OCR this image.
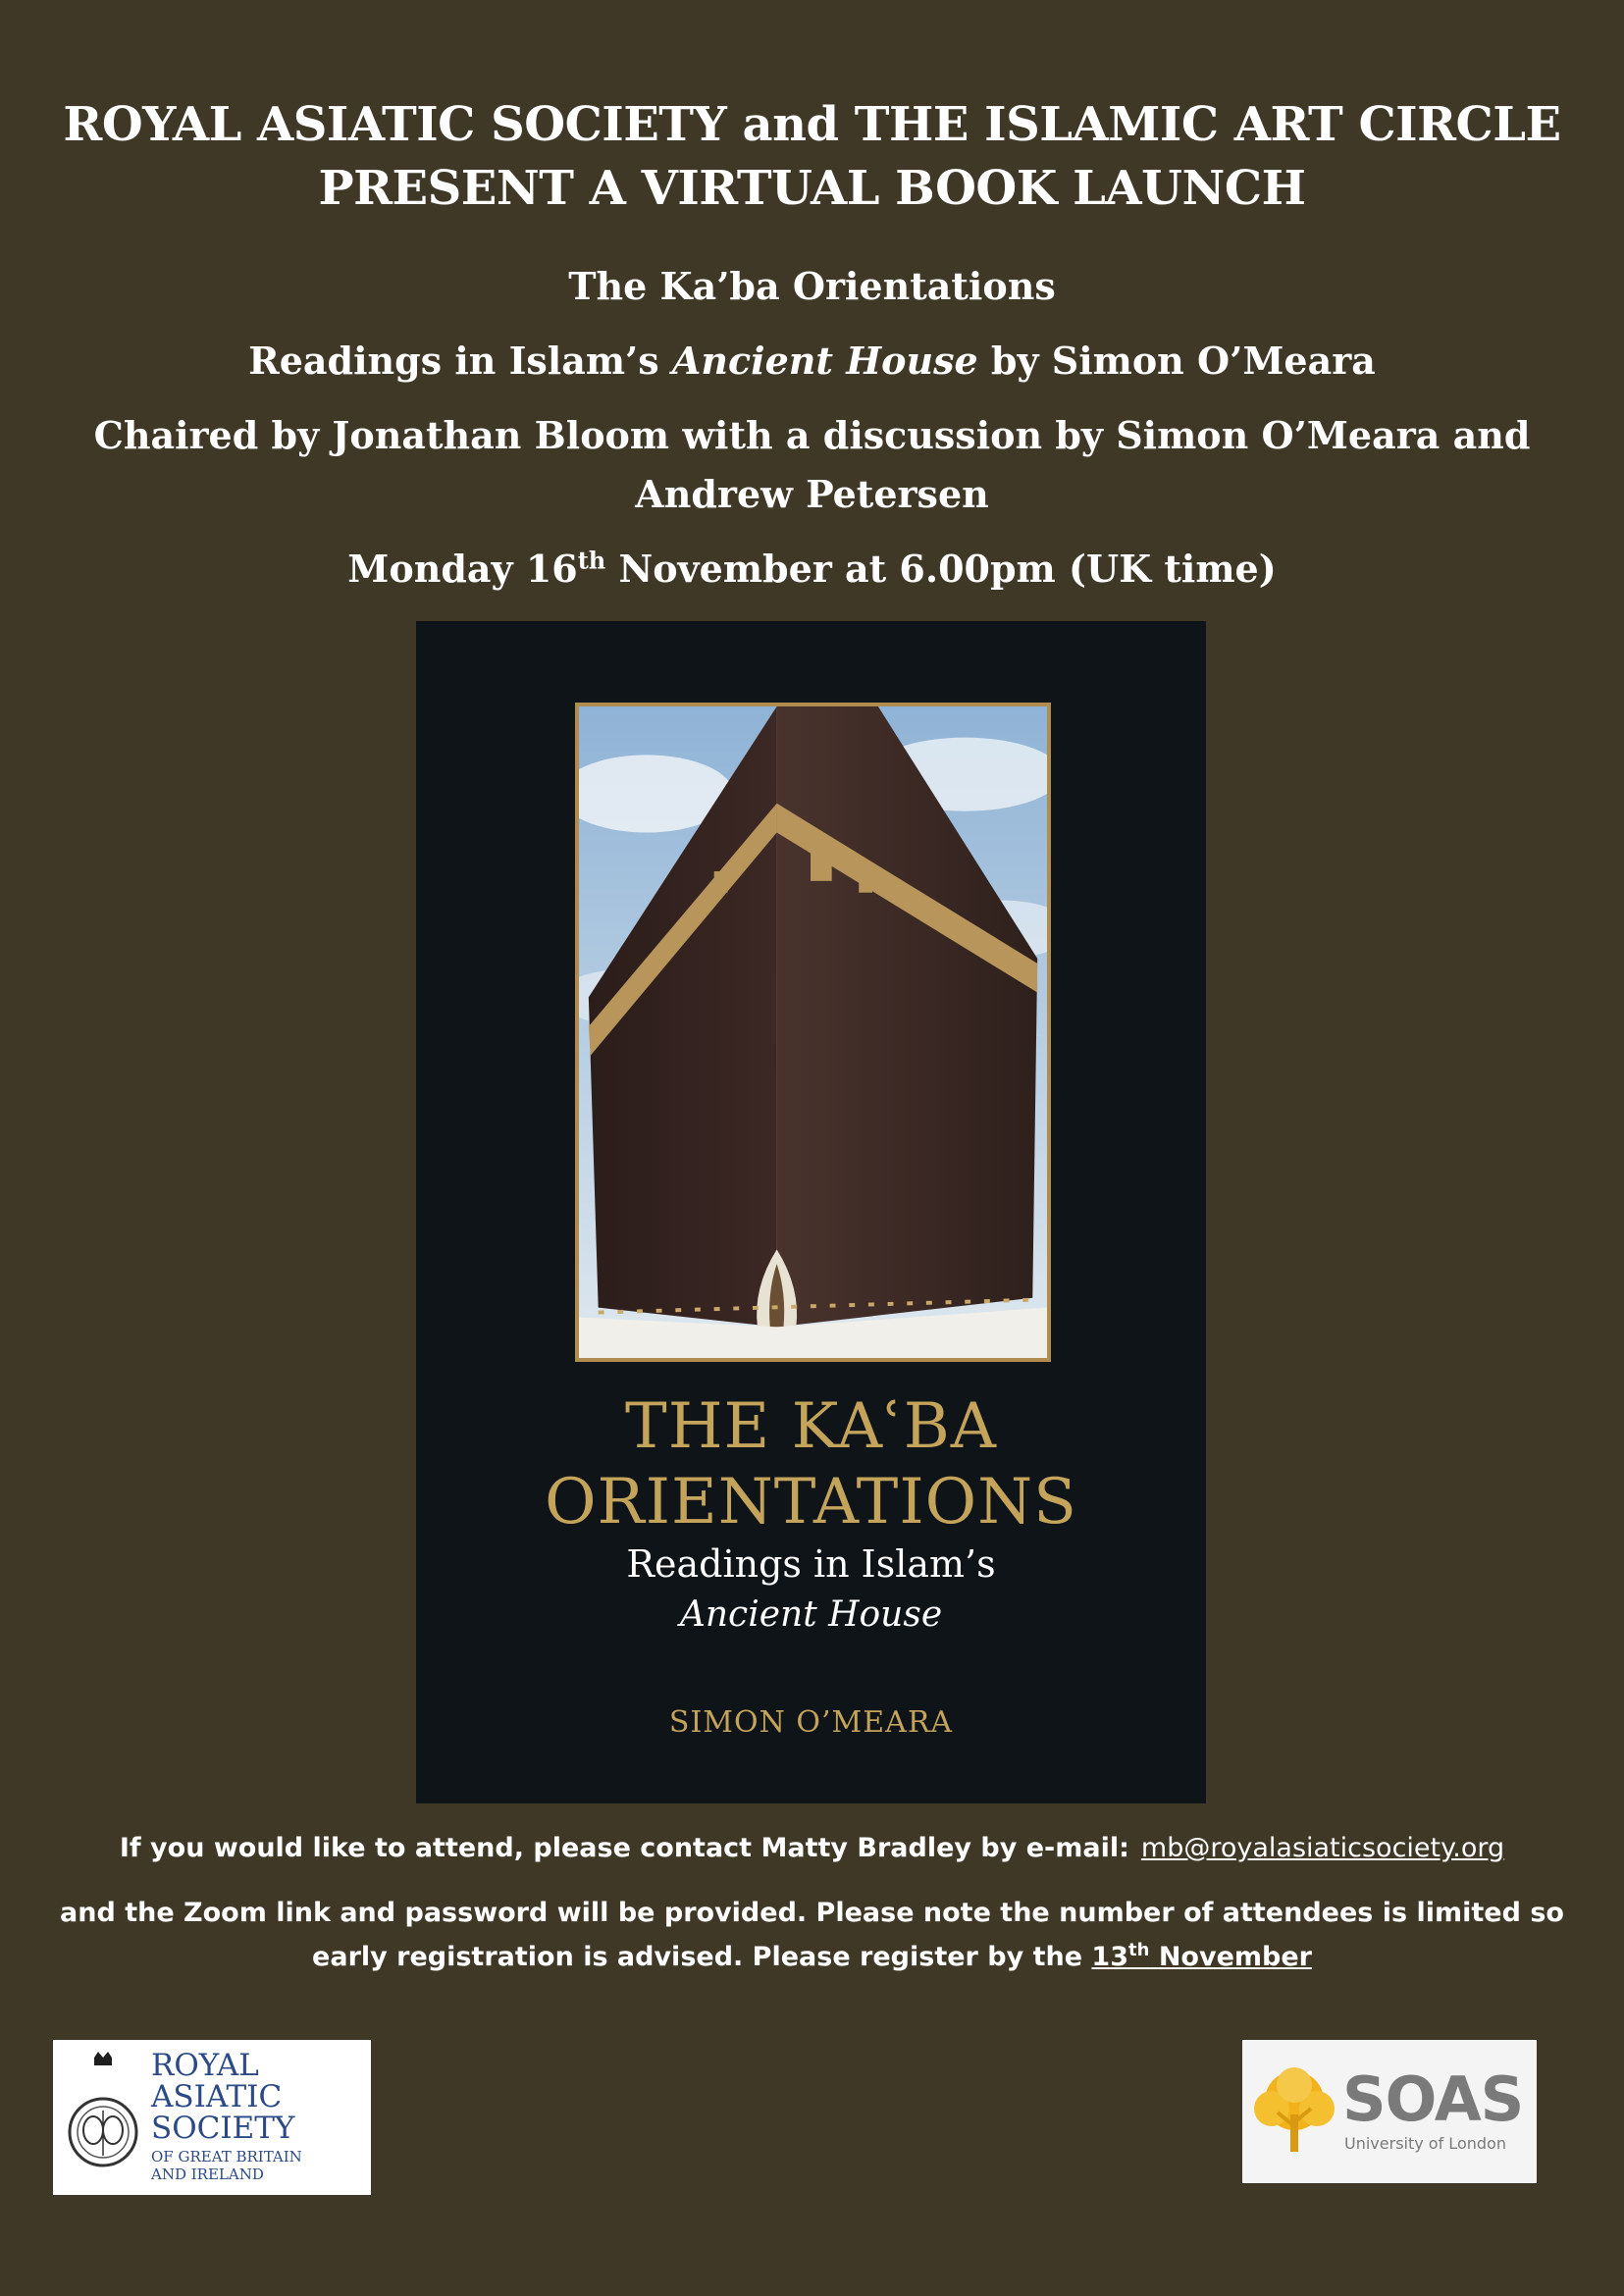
ROYAL ASIATIC SOCIETY and THE ISLAMIC ART CIRCLE
PRESENT A VIRTUAL BOOK LAUNCH
The Ka’ba Orientations
Readings in Islam’s Ancient House by Simon O’Meara
Chaired by Jonathan Bloom with a discussion by Simon O’Meara and
Andrew Petersen
Monday 16th November at 6.00pm (UK time)
THE KAʿBA
ORIENTATIONS
Readings in Islam’s
Ancient House
SIMON O’MEARA
If you would like to attend, please contact Matty Bradley by e-mail: mb@royalasiaticsociety.org
and the Zoom link and password will be provided. Please note the number of attendees is limited so
early registration is advised. Please register by the 13th November
ROYAL
ASIATIC
SOCIETY
OF GREAT BRITAIN
AND IRELAND
SOAS
University of London
